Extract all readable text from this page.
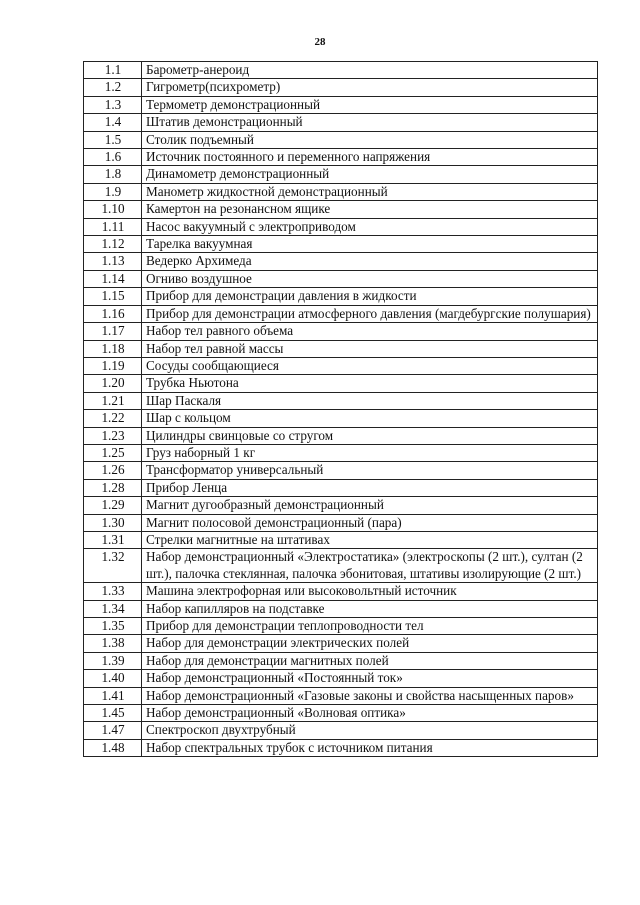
28
1.1	Барометр-анероид
1.2	Гигрометр(психрометр)
1.3	Термометр демонстрационный
1.4	Штатив демонстрационный
1.5	Столик подъемный
1.6	Источник постоянного и переменного напряжения
1.8	Динамометр демонстрационный
1.9	Манометр жидкостной демонстрационный
1.10	Камертон на резонансном ящике
1.11	Насос вакуумный с электроприводом
1.12	Тарелка вакуумная
1.13	Ведерко Архимеда
1.14	Огниво воздушное
1.15	Прибор для демонстрации давления в жидкости
1.16	Прибор для демонстрации атмосферного давления (магдебургские полушария)
1.17	Набор тел равного объема
1.18	Набор тел равной массы
1.19	Сосуды сообщающиеся
1.20	Трубка Ньютона
1.21	Шар Паскаля
1.22	Шар с кольцом
1.23	Цилиндры свинцовые со стругом
1.25	Груз наборный 1 кг
1.26	Трансформатор универсальный
1.28	Прибор Ленца
1.29	Магнит дугообразный демонстрационный
1.30	Магнит полосовой демонстрационный (пара)
1.31	Стрелки магнитные на штативах
1.32	Набор демонстрационный «Электростатика» (электроскопы (2 шт.), султан (2 шт.), палочка стеклянная, палочка эбонитовая, штативы изолирующие (2 шт.)
1.33	Машина электрофорная или высоковольтный источник
1.34	Набор капилляров на подставке
1.35	Прибор для демонстрации теплопроводности тел
1.38	Набор для демонстрации электрических полей
1.39	Набор для демонстрации магнитных полей
1.40	Набор демонстрационный «Постоянный ток»
1.41	Набор демонстрационный «Газовые законы и свойства насыщенных паров»
1.45	Набор демонстрационный «Волновая оптика»
1.47	Спектроскоп двухтрубный
1.48	Набор спектральных трубок с источником питания
